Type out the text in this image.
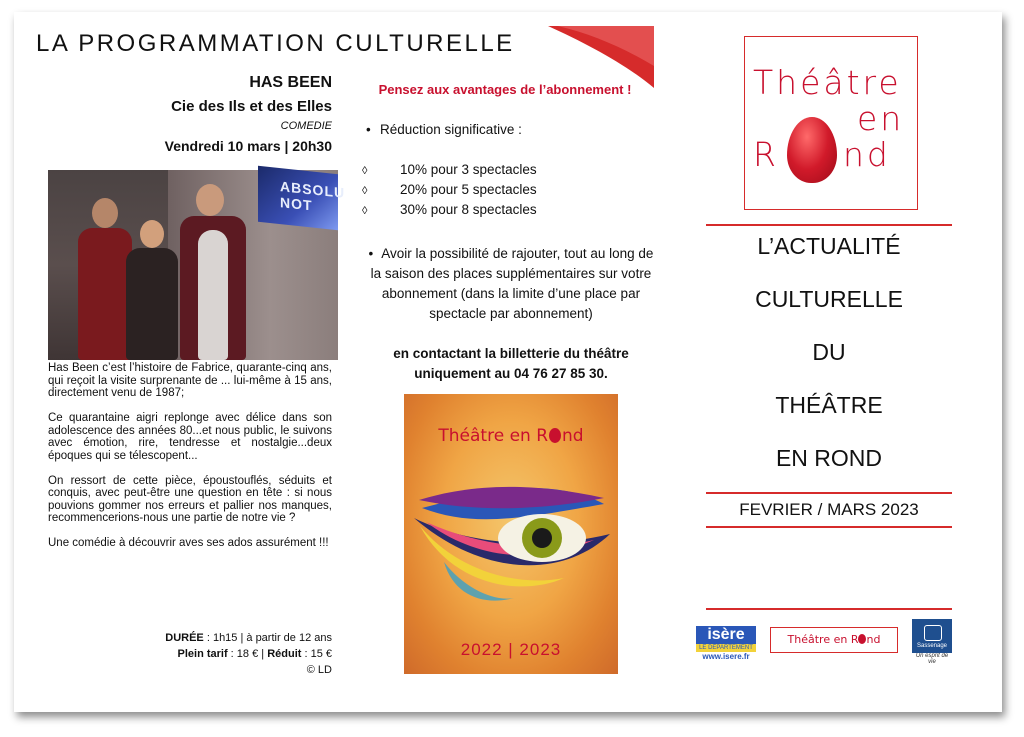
LA PROGRAMMATION CULTURELLE
HAS BEEN
Cie des Ils et des Elles
COMEDIE
Vendredi 10 mars | 20h30
ABSOLU NOT

Has Been c’est l’histoire de Fabrice, quarante-cinq ans, qui reçoit la visite surprenante de ... lui-même à 15 ans, directement venu de 1987;

Ce quarantaine aigri replonge avec délice dans son adolescence des années 80...et nous public, le suivons avec émotion, rire, tendresse et nostalgie...deux époques qui se télescopent...

On ressort de cette pièce, époustouflés, séduits et conquis, avec peut-être une question en tête : si nous pouvions gommer nos erreurs et pallier nos manques, recommencerions-nous une partie de notre vie ?

Une comédie à découvrir aves ses ados assurément !!!

DURÉE : 1h15 | à partir de 12 ans
Plein tarif : 18 € | Réduit : 15 €
© LD
Pensez aux avantages de l’abonnement !
• Réduction significative :
◊ 10% pour 3 spectacles
◊ 20% pour 5 spectacles
◊ 30% pour 8 spectacles
• Avoir la possibilité de rajouter, tout au long de la saison des places supplémentaires sur votre abonnement (dans la limite d’une place par spectacle par abonnement)
en contactant la billetterie du théâtre uniquement au 04 76 27 85 30.
Théâtre en R nd
2022 | 2023
Théâtre
en
R nd
L’ACTUALITÉ
CULTURELLE
DU
THÉÂTRE
EN ROND
FEVRIER / MARS 2023
isère
LE DÉPARTEMENT
www.isere.fr
Théâtre en R nd	Sassenage
Un esprit de vie
